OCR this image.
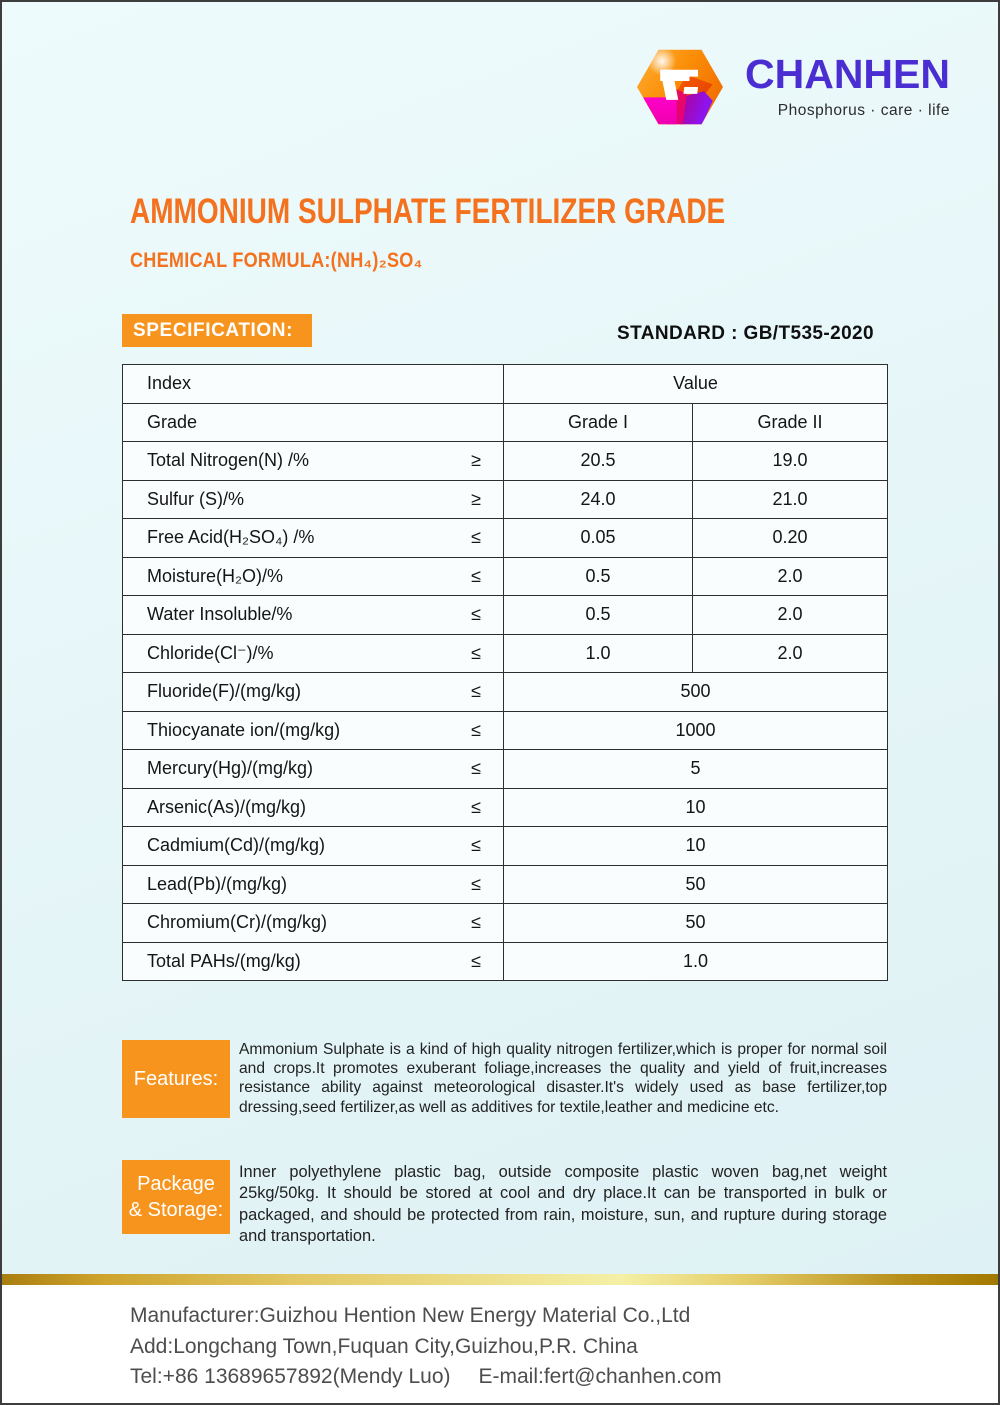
CHANHEN
Phosphorus · care · life
AMMONIUM SULPHATE FERTILIZER GRADE
CHEMICAL FORMULA:(NH₄)₂SO₄
SPECIFICATION:	STANDARD : GB/T535-2020
Index	Value	

Grade	Grade I	Grade II

Total Nitrogen(N) /% ≥	20.5	19.0

Sulfur (S)/% ≥	24.0	21.0

Free Acid(H₂SO₄) /% ≤	0.05	0.20

Moisture(H₂O)/% ≤	0.5	2.0

Water Insoluble/% ≤	0.5	2.0

Chloride(Cl⁻)/% ≤	1.0	2.0

Fluoride(F)/(mg/kg) ≤	500	

Thiocyanate ion/(mg/kg) ≤	1000	

Mercury(Hg)/(mg/kg) ≤	5	

Arsenic(As)/(mg/kg) ≤	10	

Cadmium(Cd)/(mg/kg) ≤	10	

Lead(Pb)/(mg/kg) ≤	50	

Chromium(Cr)/(mg/kg) ≤	50	

Total PAHs/(mg/kg) ≤	1.0	
Features:
Ammonium Sulphate is a kind of high quality nitrogen fertilizer,which is proper for normal soil and crops.It promotes exuberant foliage,increases the quality and yield of fruit,increases resistance ability against meteorological disaster.It's widely used as base fertilizer,top dressing,seed fertilizer,as well as additives for textile,leather and medicine etc.
Package
& Storage:
Inner polyethylene plastic bag, outside composite plastic woven bag,net weight 25kg/50kg. It should be stored at cool and dry place.It can be transported in bulk or packaged, and should be protected from rain, moisture, sun, and rupture during storage and transportation.
Manufacturer:Guizhou Hention New Energy Material Co.,Ltd
Add:Longchang Town,Fuquan City,Guizhou,P.R. China
Tel:+86 13689657892(Mendy Luo) E-mail:fert@chanhen.com
